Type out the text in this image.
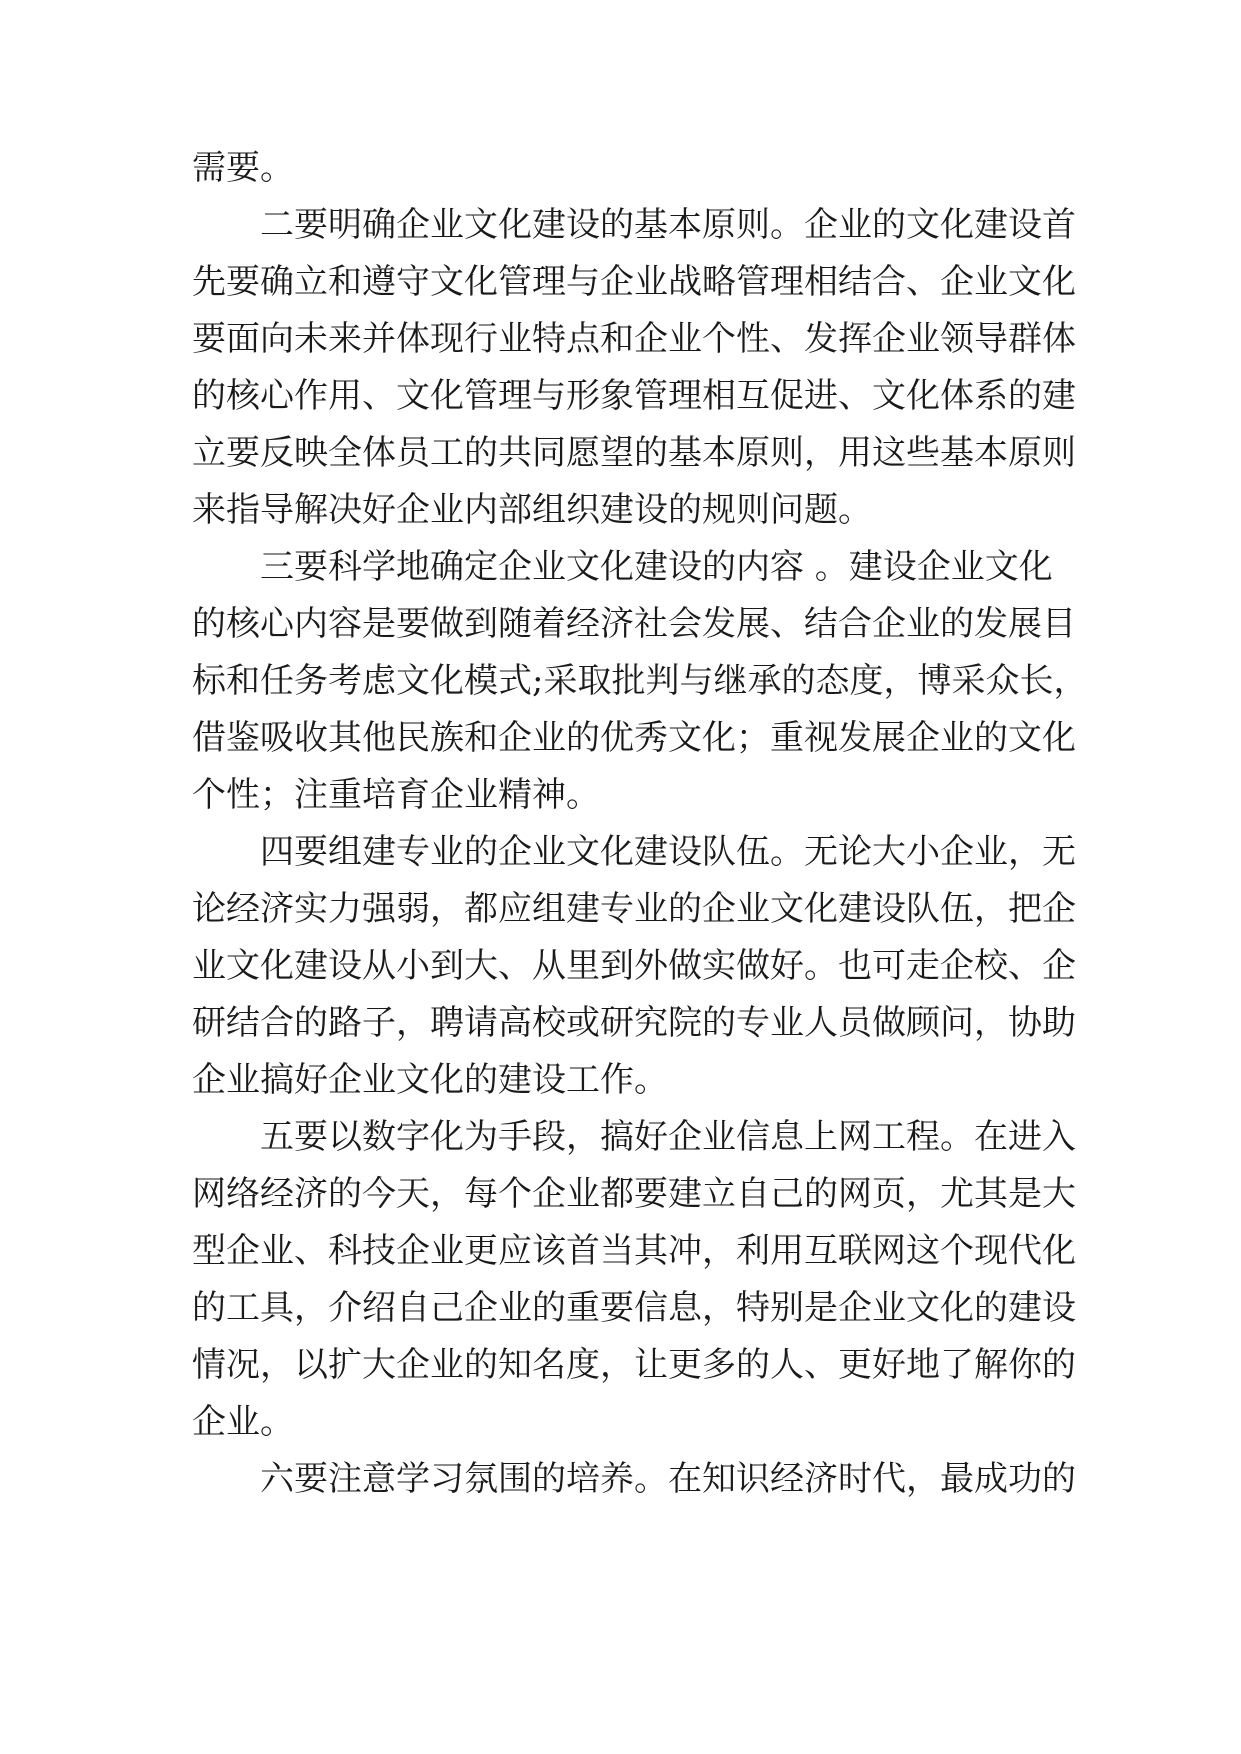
需要。
二要明确企业文化建设的基本原则。企业的文化建设首
先要确立和遵守文化管理与企业战略管理相结合、企业文化
要面向未来并体现行业特点和企业个性、发挥企业领导群体
的核心作用、文化管理与形象管理相互促进、文化体系的建
立要反映全体员工的共同愿望的基本原则，用这些基本原则
来指导解决好企业内部组织建设的规则问题。
三要科学地确定企业文化建设的内容 。建设企业文化
的核心内容是要做到随着经济社会发展、结合企业的发展目
标和任务考虑文化模式;采取批判与继承的态度，博采众长，
借鉴吸收其他民族和企业的优秀文化；重视发展企业的文化
个性；注重培育企业精神。
四要组建专业的企业文化建设队伍。无论大小企业，无
论经济实力强弱，都应组建专业的企业文化建设队伍，把企
业文化建设从小到大、从里到外做实做好。也可走企校、企
研结合的路子，聘请高校或研究院的专业人员做顾问，协助
企业搞好企业文化的建设工作。
五要以数字化为手段，搞好企业信息上网工程。在进入
网络经济的今天，每个企业都要建立自己的网页，尤其是大
型企业、科技企业更应该首当其冲，利用互联网这个现代化
的工具，介绍自己企业的重要信息，特别是企业文化的建设
情况，以扩大企业的知名度，让更多的人、更好地了解你的
企业。
六要注意学习氛围的培养。在知识经济时代，最成功的
